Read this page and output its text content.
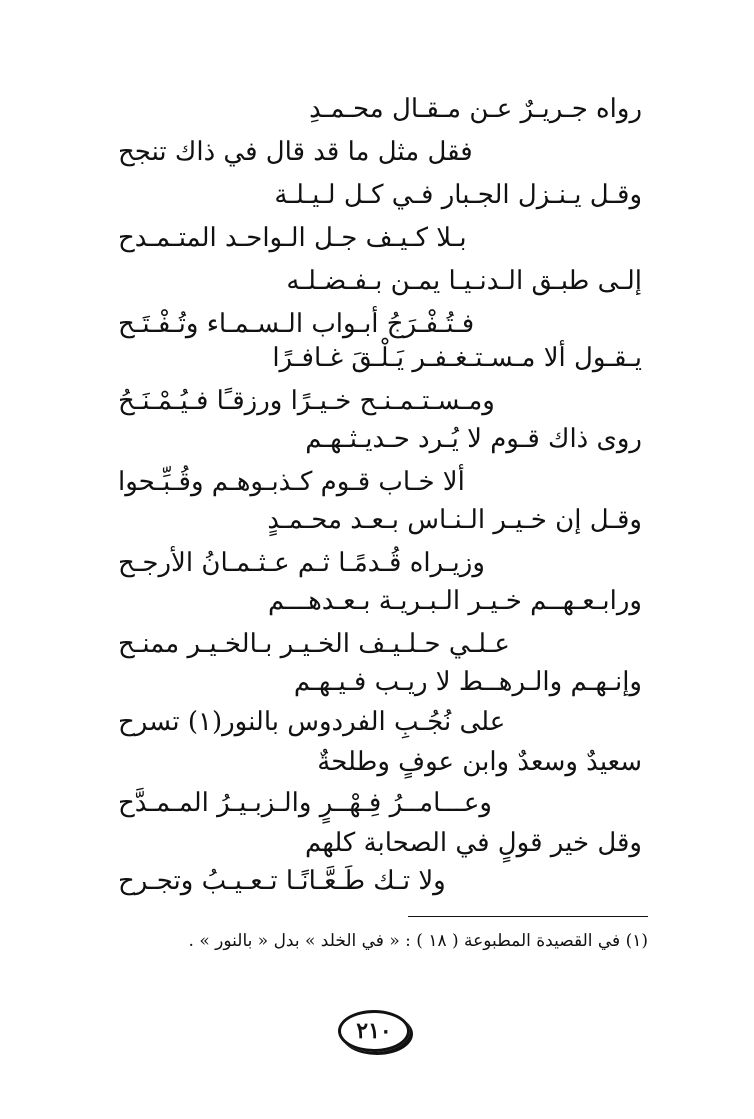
رواه جـريـرٌ عـن مـقـال محـمـدِ
فقل مثل ما قد قال في ذاك تنجح
وقـل يـنـزل الجـبار فـي كـل لـيـلـة
بـلا كـيـف جـل الـواحـد المتـمـدح
إلـى طبـق الـدنـيـا يمـن بـفـضـلـه
فـتُـفْـرَجُ أبـواب الـسـمـاء وتُـفْـتَـح
يـقـول ألا مـسـتـغـفـر يَـلْـقَ غـافـرًا
ومـسـتـمـنـح خـيـرًا ورزقـًا فـيُـمْـنَـحُ
روى ذاك قـوم لا يُـرد حـديـثـهـم
ألا خـاب قـوم كـذبـوهـم وقُـبِّـحوا
وقـل إن خـيـر الـنـاس بـعـد محـمـدٍ
وزيـراه قُـدمًـا ثـم عـثـمـانُ الأرجـح
ورابـعـهــم خـيـر الـبـريـة بـعـدهـــم
عـلـي حـلـيـف الخـيـر بـالخـيـر ممنـح
وإنـهـم والـرهــط لا ريـب فـيـهـم
على نُجُـبِ الفردوس بالنور(١) تسرح
سعيدٌ وسعدٌ وابن عوفٍ وطلحةٌ
وعـــامــرُ فِـهْــرٍ والـزبـيـرُ المـمـدَّح
وقل خير قولٍ في الصحابة كلهم
ولا تـك طَـعَّـانًـا تـعـيـبُ وتجـرح
(١) في القصيدة المطبوعة ( ١٨ ) : « في الخلد » بدل « بالنور » .
٢١٠
